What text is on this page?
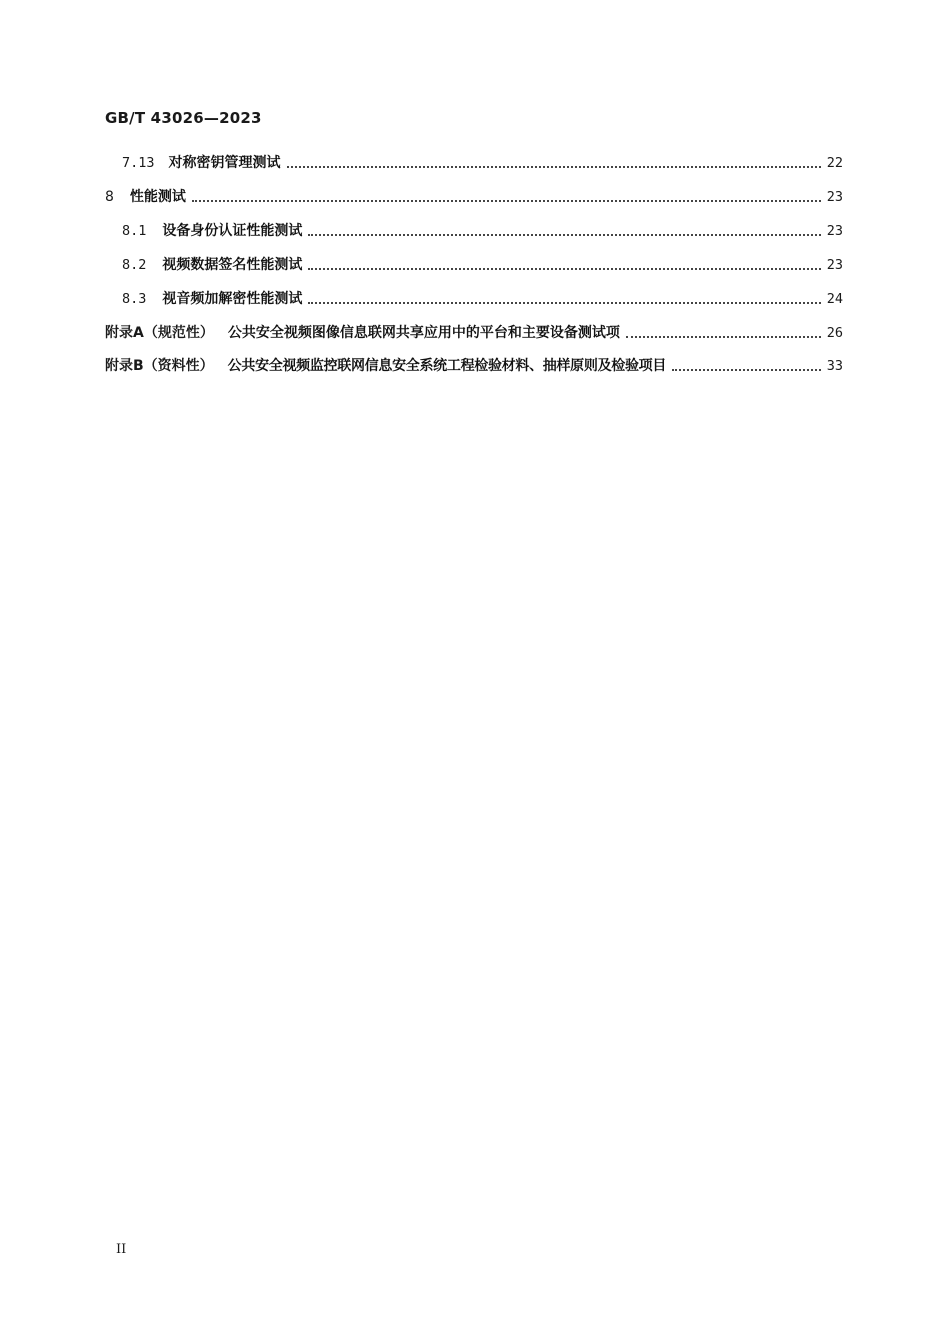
GB/T 43026—2023
7.13 对称密钥管理测试	22
8 性能测试	23
8.1 设备身份认证性能测试	23
8.2 视频数据签名性能测试	23
8.3 视音频加解密性能测试	24
附录A（规范性） 公共安全视频图像信息联网共享应用中的平台和主要设备测试项	26
附录B（资料性） 公共安全视频监控联网信息安全系统工程检验材料、抽样原则及检验项目	33
II
